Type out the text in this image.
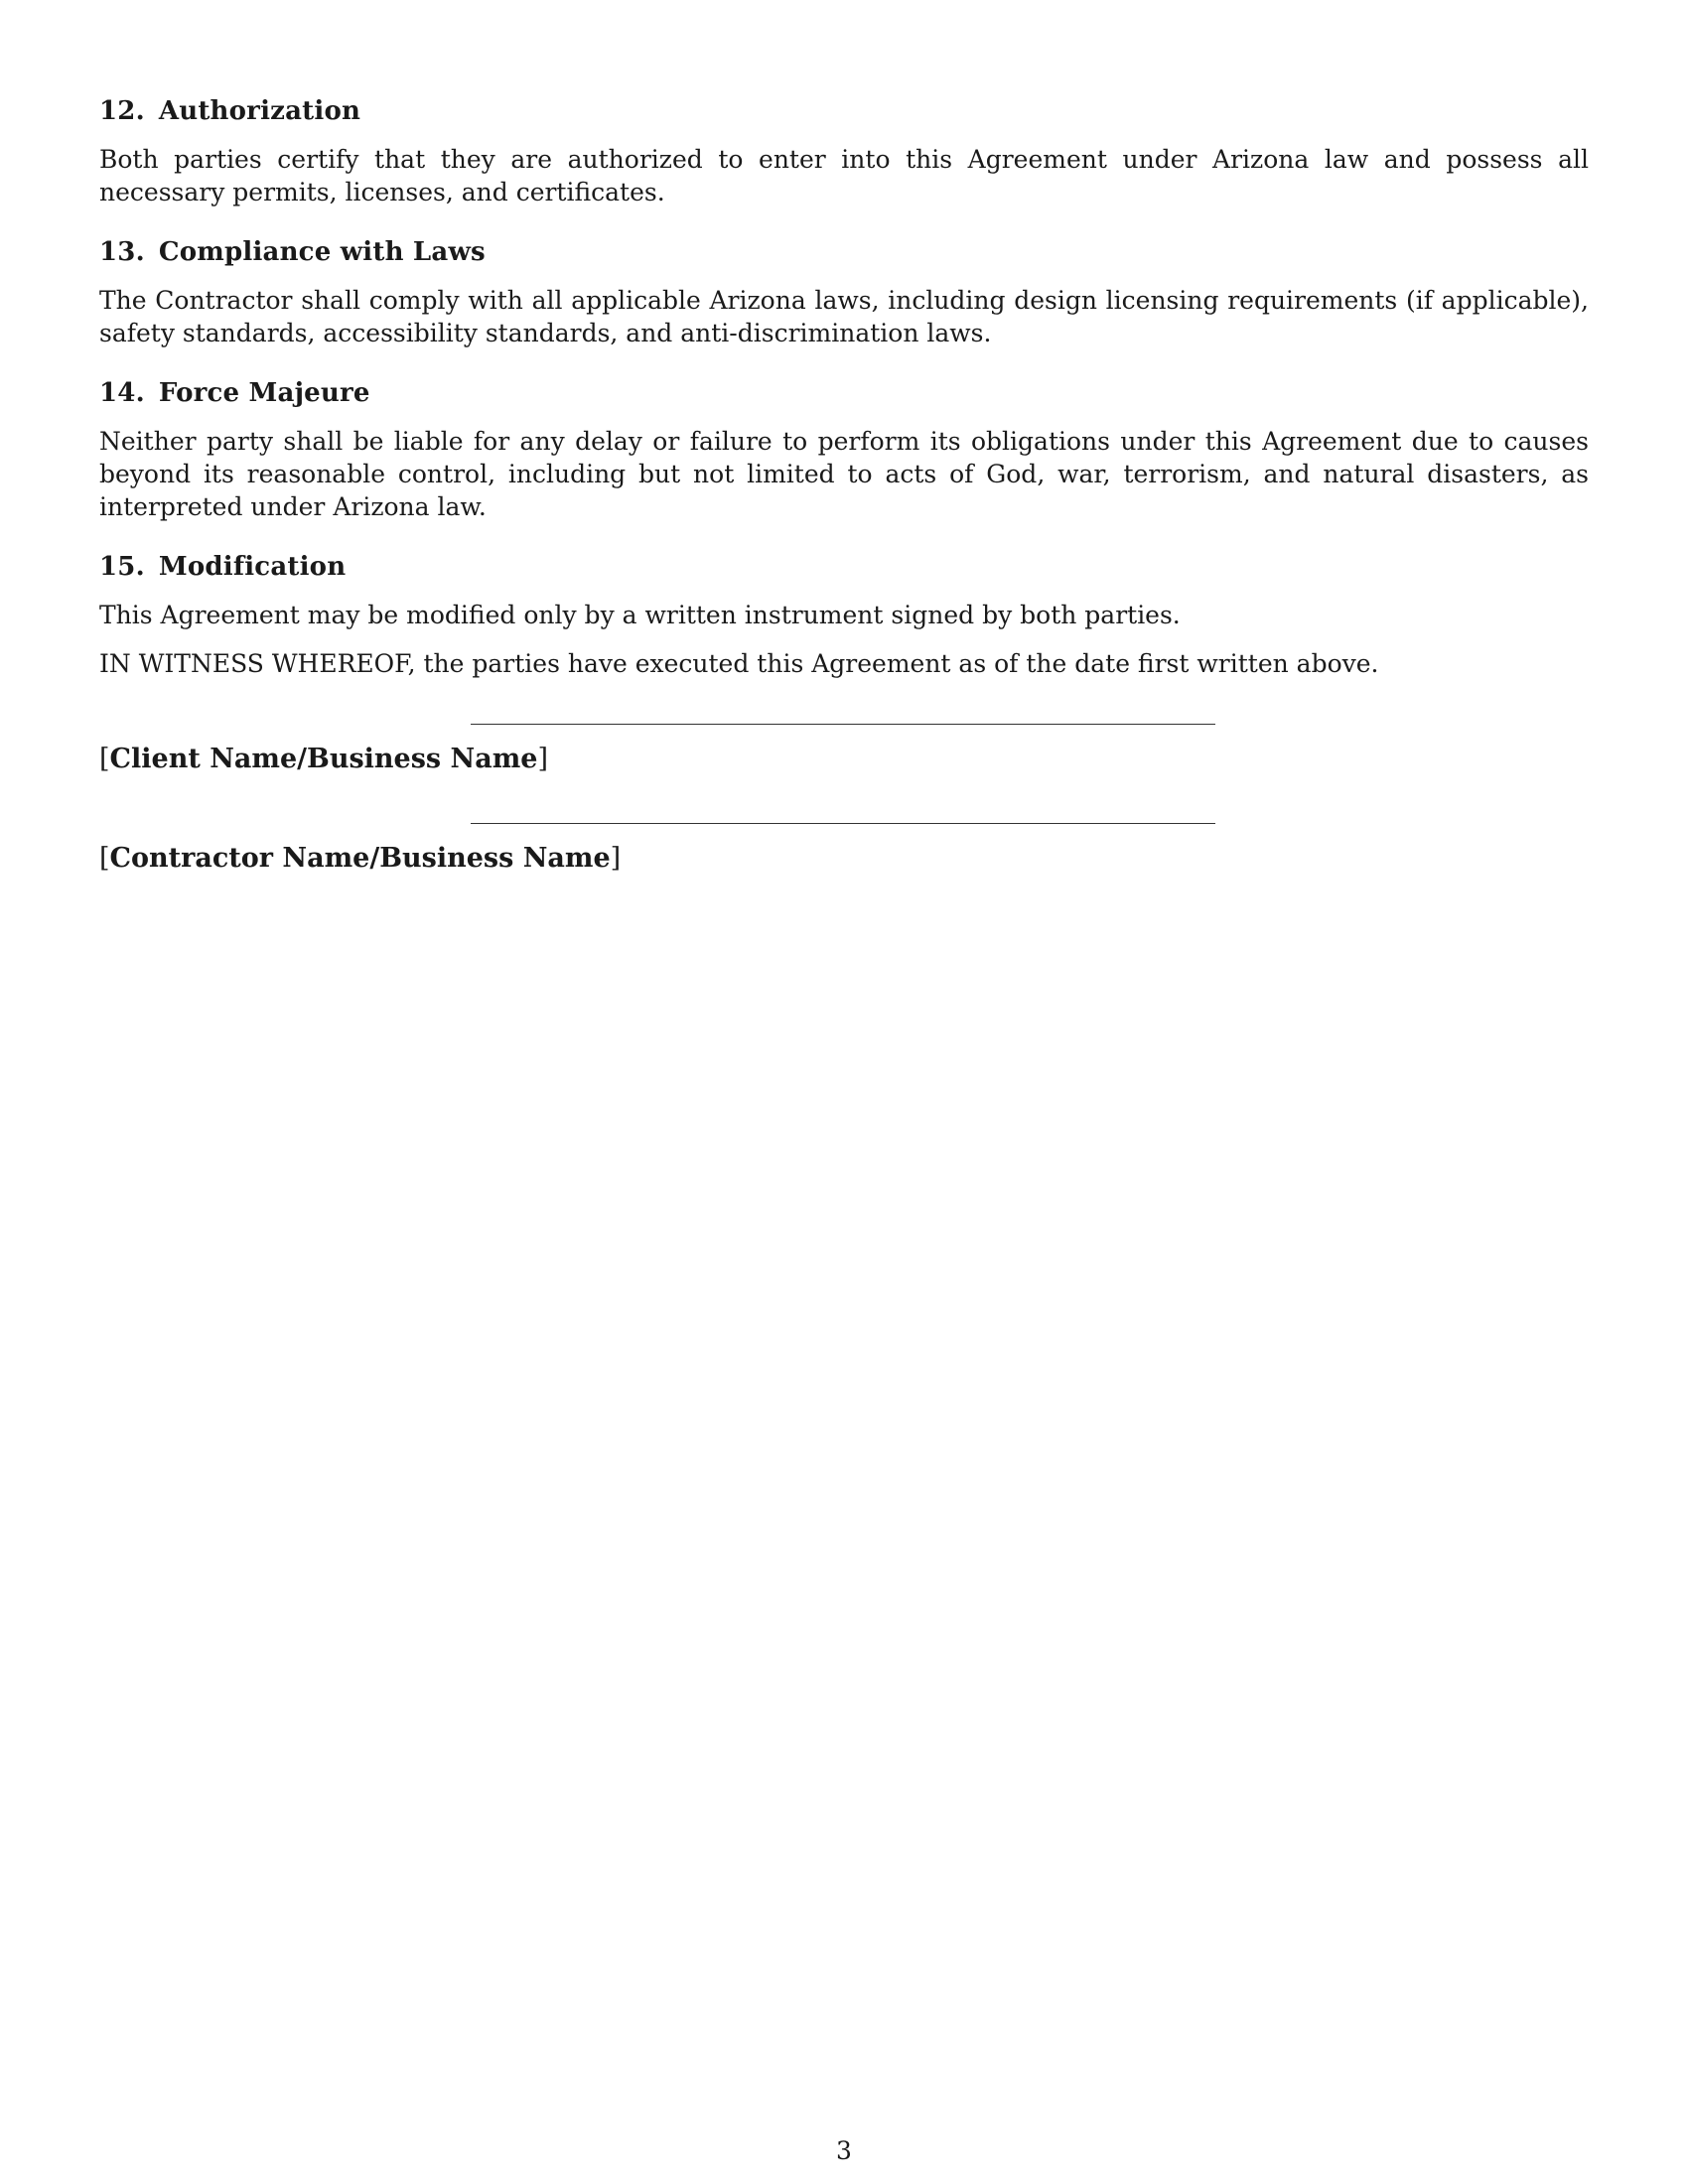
12. Authorization

Both parties certify that they are authorized to enter into this Agreement under Arizona law and possess all necessary permits, licenses, and certificates.

13. Compliance with Laws

The Contractor shall comply with all applicable Arizona laws, including design licensing requirements (if applicable), safety standards, accessibility standards, and anti-discrimination laws.

14. Force Majeure

Neither party shall be liable for any delay or failure to perform its obligations under this Agreement due to causes beyond its reasonable control, including but not limited to acts of God, war, terrorism, and natural disasters, as interpreted under Arizona law.

15. Modification

This Agreement may be modified only by a written instrument signed by both parties.

IN WITNESS WHEREOF, the parties have executed this Agreement as of the date first written above.

[Client Name/Business Name]
[Contractor Name/Business Name]
3
